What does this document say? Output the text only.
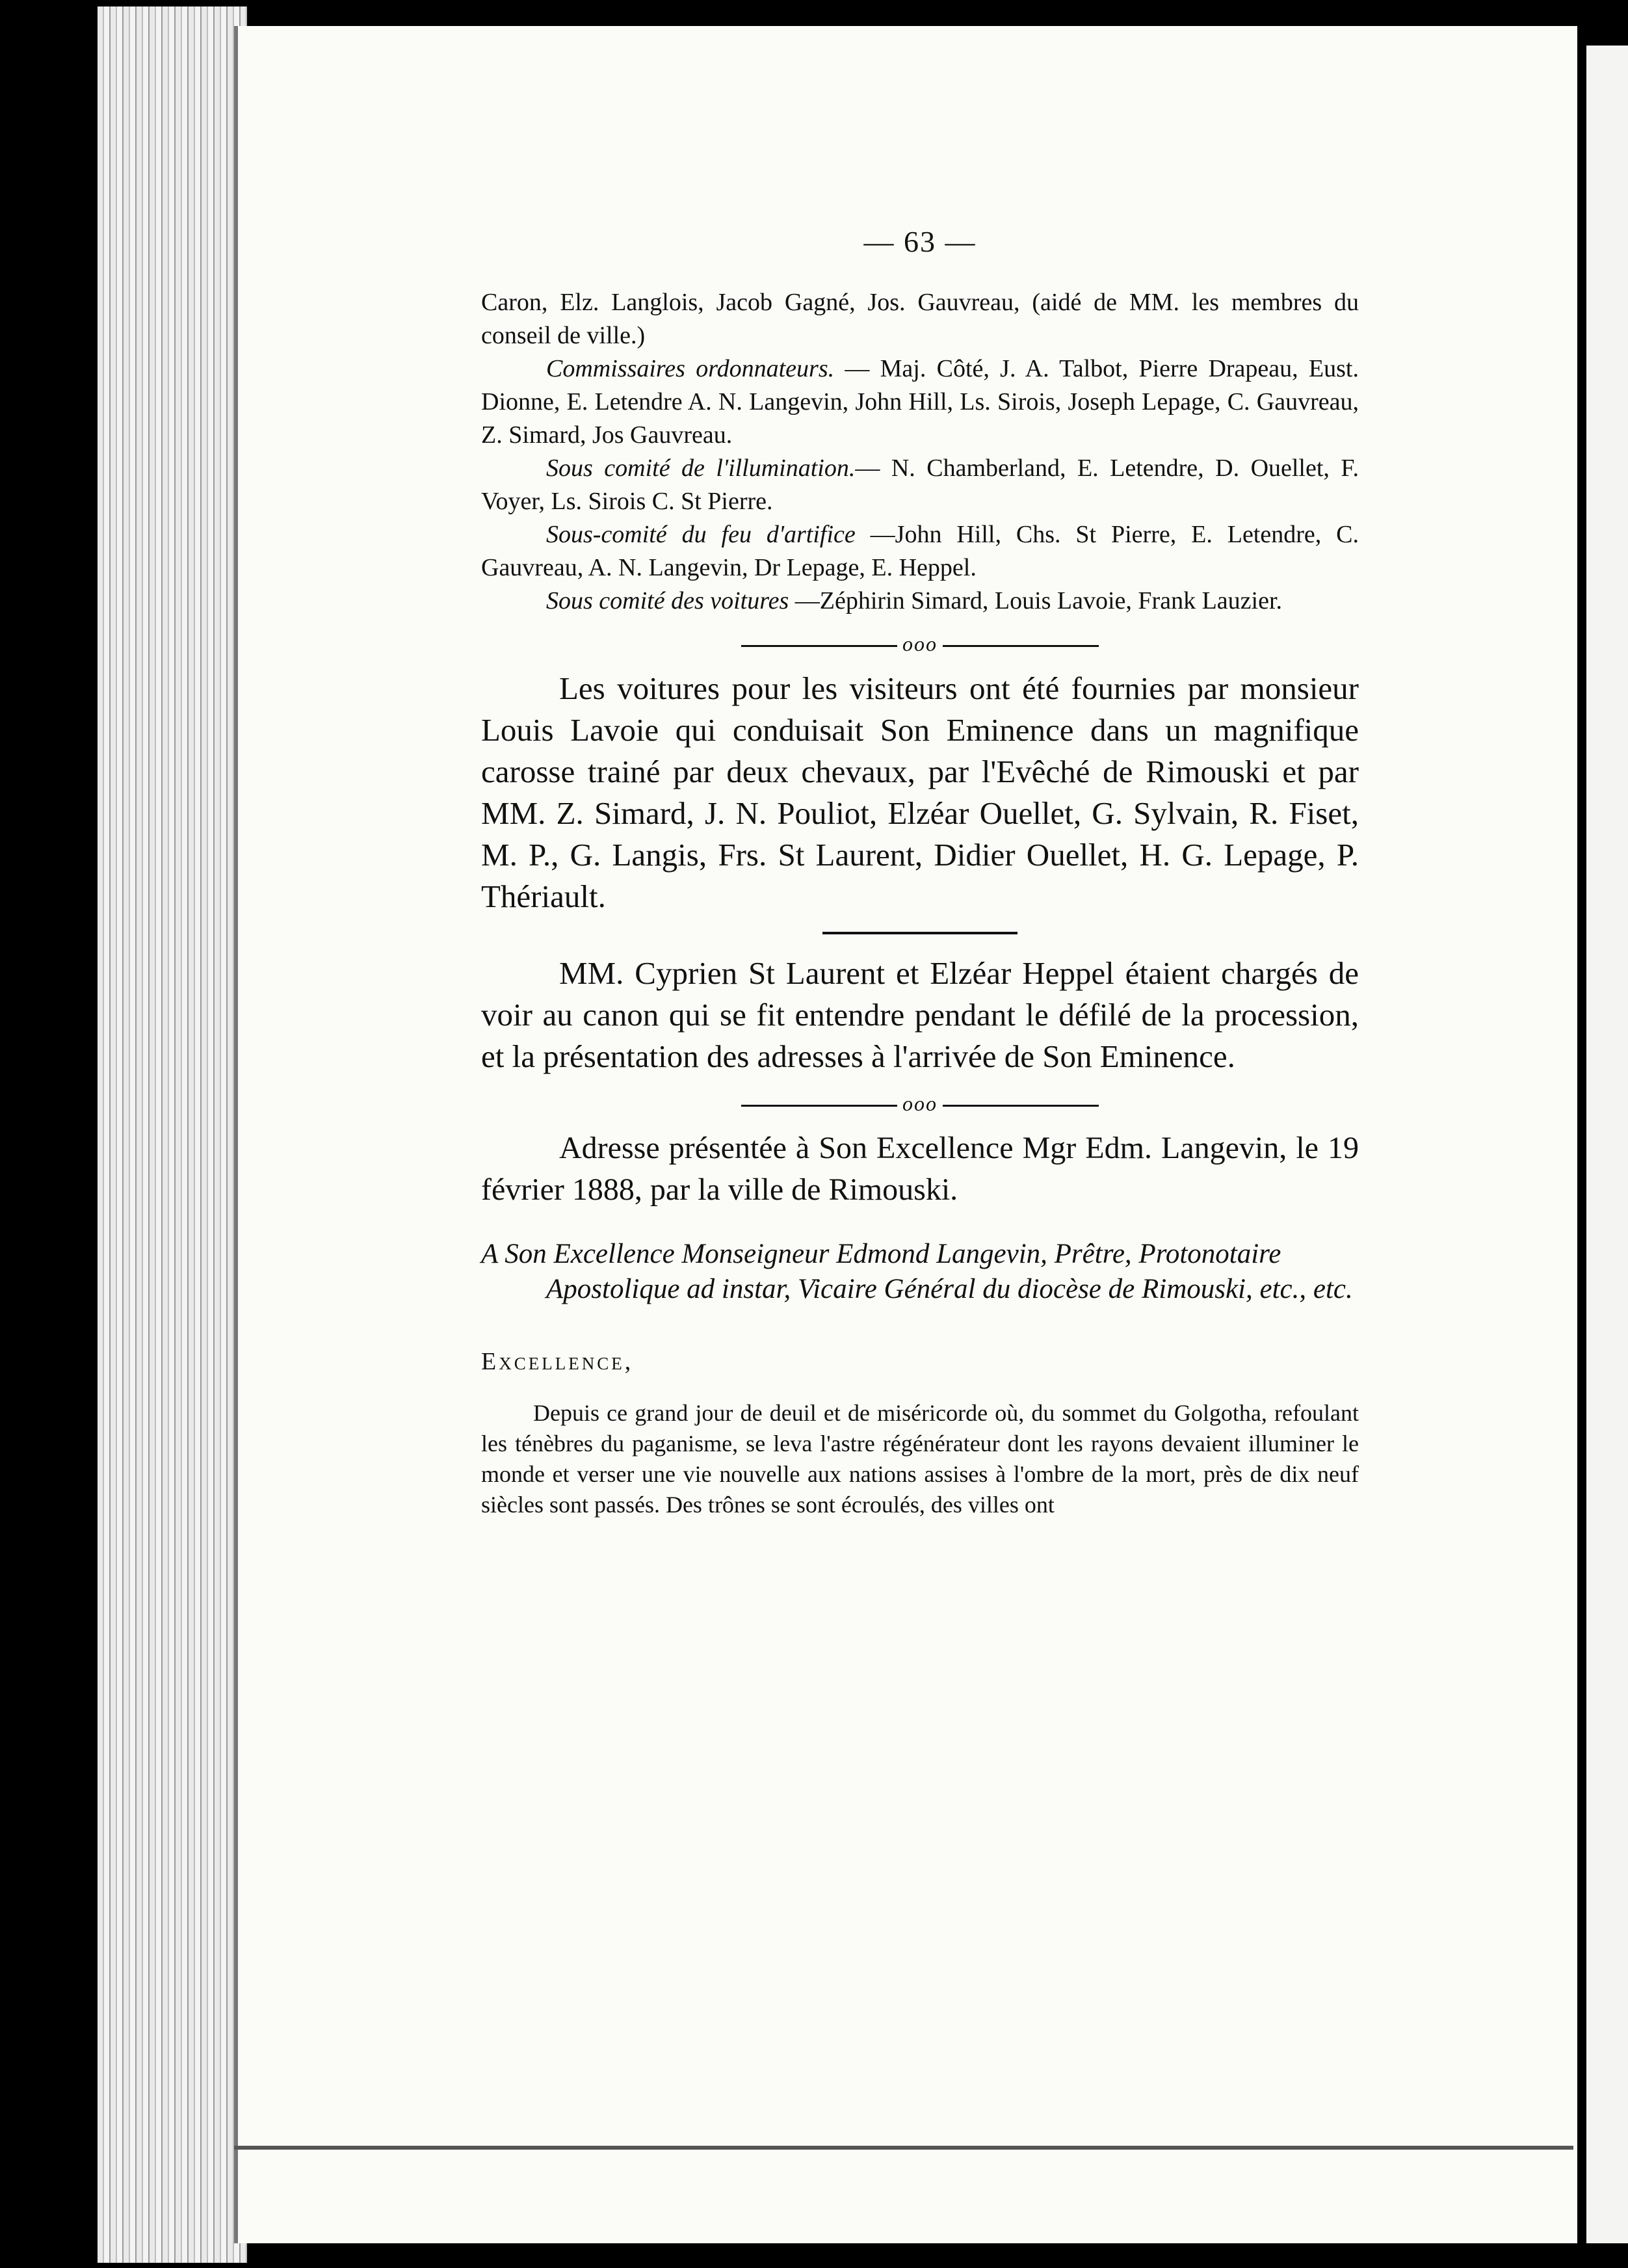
— 63 —

Caron, Elz. Langlois, Jacob Gagné, Jos. Gauvreau, (aidé de MM. les membres du conseil de ville.)

Commissaires ordonnateurs. — Maj. Côté, J. A. Talbot, Pierre Drapeau, Eust. Dionne, E. Letendre A. N. Langevin, John Hill, Ls. Sirois, Joseph Lepage, C. Gauvreau, Z. Simard, Jos Gauvreau.

Sous comité de l'illumination.— N. Chamberland, E. Letendre, D. Ouellet, F. Voyer, Ls. Sirois C. St Pierre.

Sous-comité du feu d'artifice —John Hill, Chs. St Pierre, E. Letendre, C. Gauvreau, A. N. Langevin, Dr Lepage, E. Heppel.

Sous comité des voitures —Zéphirin Simard, Louis Lavoie, Frank Lauzier.

ooo

Les voitures pour les visiteurs ont été fournies par monsieur Louis Lavoie qui conduisait Son Eminence dans un magnifique carosse trainé par deux chevaux, par l'Evêché de Rimouski et par MM. Z. Simard, J. N. Pouliot, Elzéar Ouellet, G. Sylvain, R. Fiset, M. P., G. Langis, Frs. St Laurent, Didier Ouellet, H. G. Lepage, P. Thériault.

MM. Cyprien St Laurent et Elzéar Heppel étaient chargés de voir au canon qui se fit entendre pendant le défilé de la procession, et la présentation des adresses à l'arrivée de Son Eminence.

ooo

Adresse présentée à Son Excellence Mgr Edm. Langevin, le 19 février 1888, par la ville de Rimouski.

A Son Excellence Monseigneur Edmond Langevin, Prêtre, Protonotaire Apostolique ad instar, Vicaire Général du diocèse de Rimouski, etc., etc.

Excellence,

Depuis ce grand jour de deuil et de miséricorde où, du sommet du Golgotha, refoulant les ténèbres du paganisme, se leva l'astre régénérateur dont les rayons devaient illuminer le monde et verser une vie nouvelle aux nations assises à l'ombre de la mort, près de dix neuf siècles sont passés. Des trônes se sont écroulés, des villes ont
